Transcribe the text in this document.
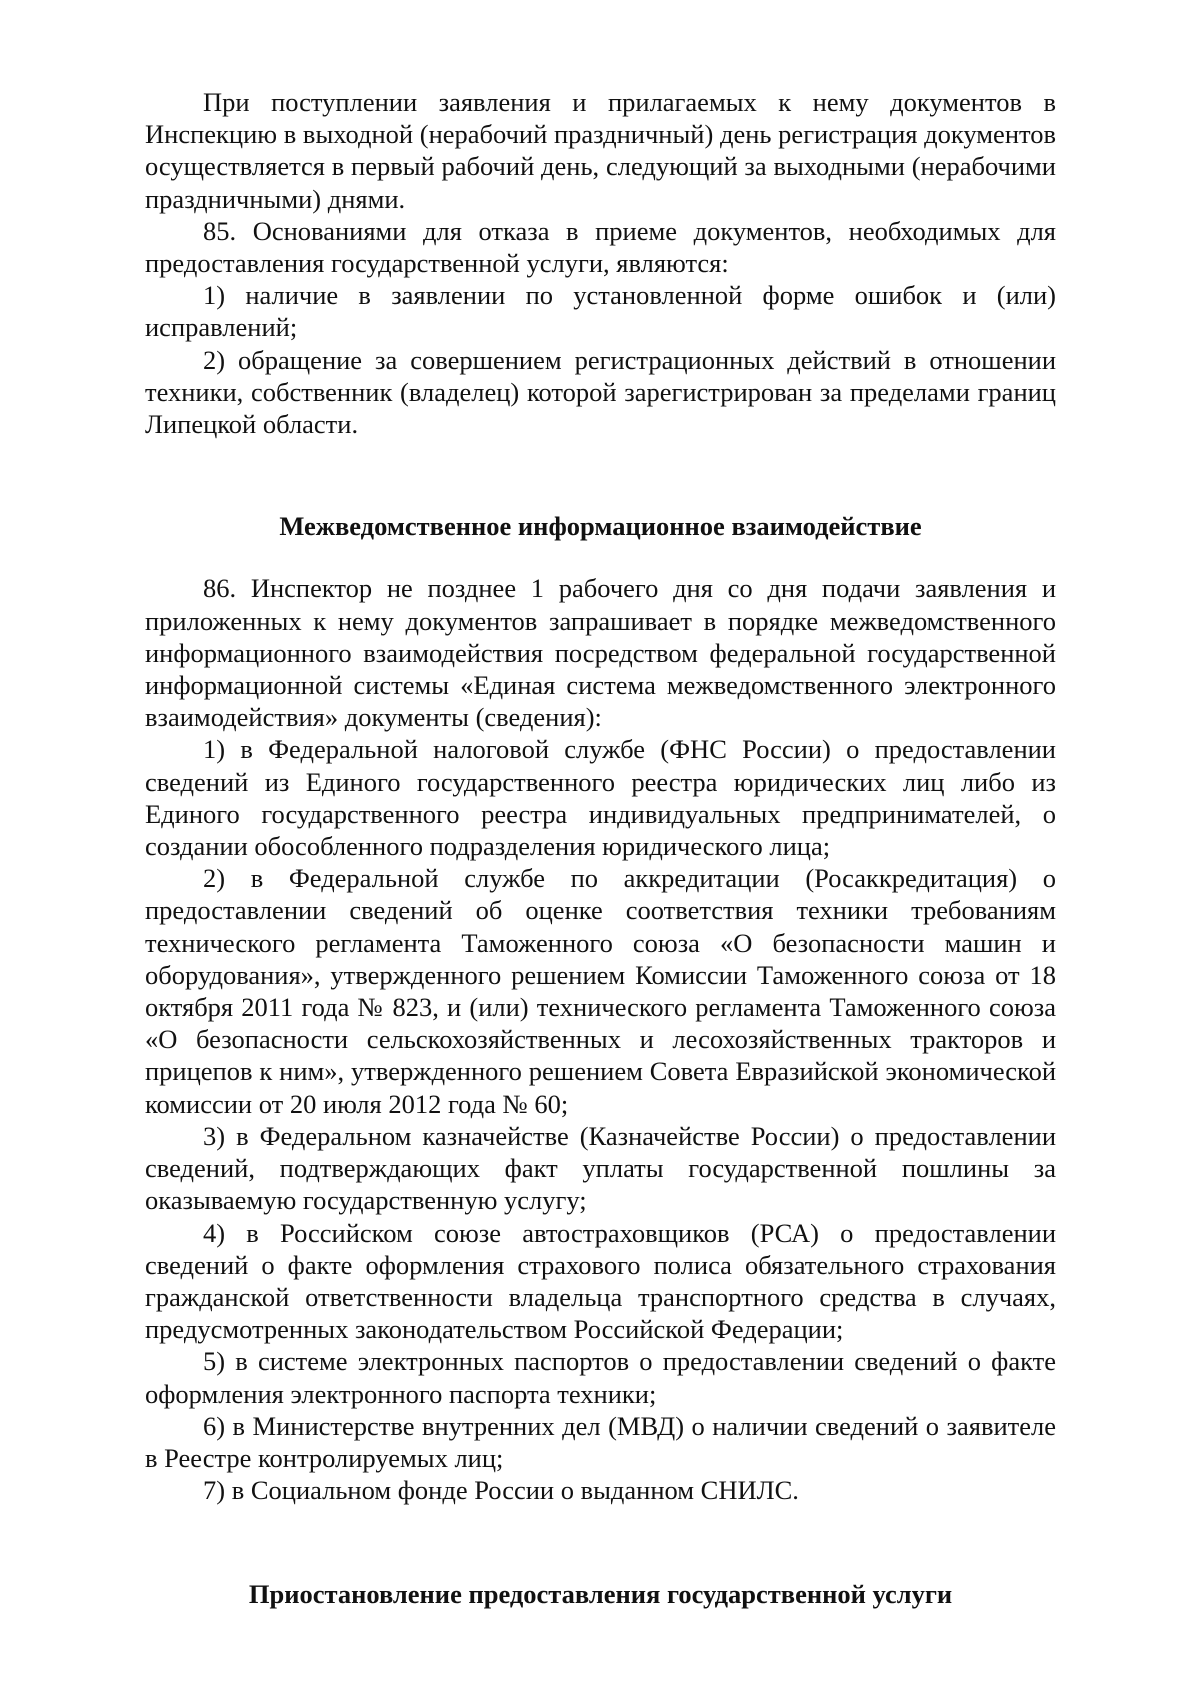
При поступлении заявления и прилагаемых к нему документов в Инспекцию в выходной (нерабочий праздничный) день регистрация документов осуществляется в первый рабочий день, следующий за выходными (нерабочими праздничными) днями.

85. Основаниями для отказа в приеме документов, необходимых для предоставления государственной услуги, являются:

1) наличие в заявлении по установленной форме ошибок и (или) исправлений;

2) обращение за совершением регистрационных действий в отношении техники, собственник (владелец) которой зарегистрирован за пределами границ Липецкой области.

Межведомственное информационное взаимодействие

86. Инспектор не позднее 1 рабочего дня со дня подачи заявления и приложенных к нему документов запрашивает в порядке межведомственного информационного взаимодействия посредством федеральной государственной информационной системы «Единая система межведомственного электронного взаимодействия» документы (сведения):

1) в Федеральной налоговой службе (ФНС России) о предоставлении сведений из Единого государственного реестра юридических лиц либо из Единого государственного реестра индивидуальных предпринимателей, о создании обособленного подразделения юридического лица;

2) в Федеральной службе по аккредитации (Росаккредитация) о предоставлении сведений об оценке соответствия техники требованиям технического регламента Таможенного союза «О безопасности машин и оборудования», утвержденного решением Комиссии Таможенного союза от 18 октября 2011 года № 823, и (или) технического регламента Таможенного союза «О безопасности сельскохозяйственных и лесохозяйственных тракторов и прицепов к ним», утвержденного решением Совета Евразийской экономической комиссии от 20 июля 2012 года № 60;

3) в Федеральном казначействе (Казначействе России) о предоставлении сведений, подтверждающих факт уплаты государственной пошлины за оказываемую государственную услугу;

4) в Российском союзе автостраховщиков (РСА) о предоставлении сведений о факте оформления страхового полиса обязательного страхования гражданской ответственности владельца транспортного средства в случаях, предусмотренных законодательством Российской Федерации;

5) в системе электронных паспортов о предоставлении сведений о факте оформления электронного паспорта техники;

6) в Министерстве внутренних дел (МВД) о наличии сведений о заявителе в Реестре контролируемых лиц;

7) в Социальном фонде России о выданном СНИЛС.

Приостановление предоставления государственной услуги
